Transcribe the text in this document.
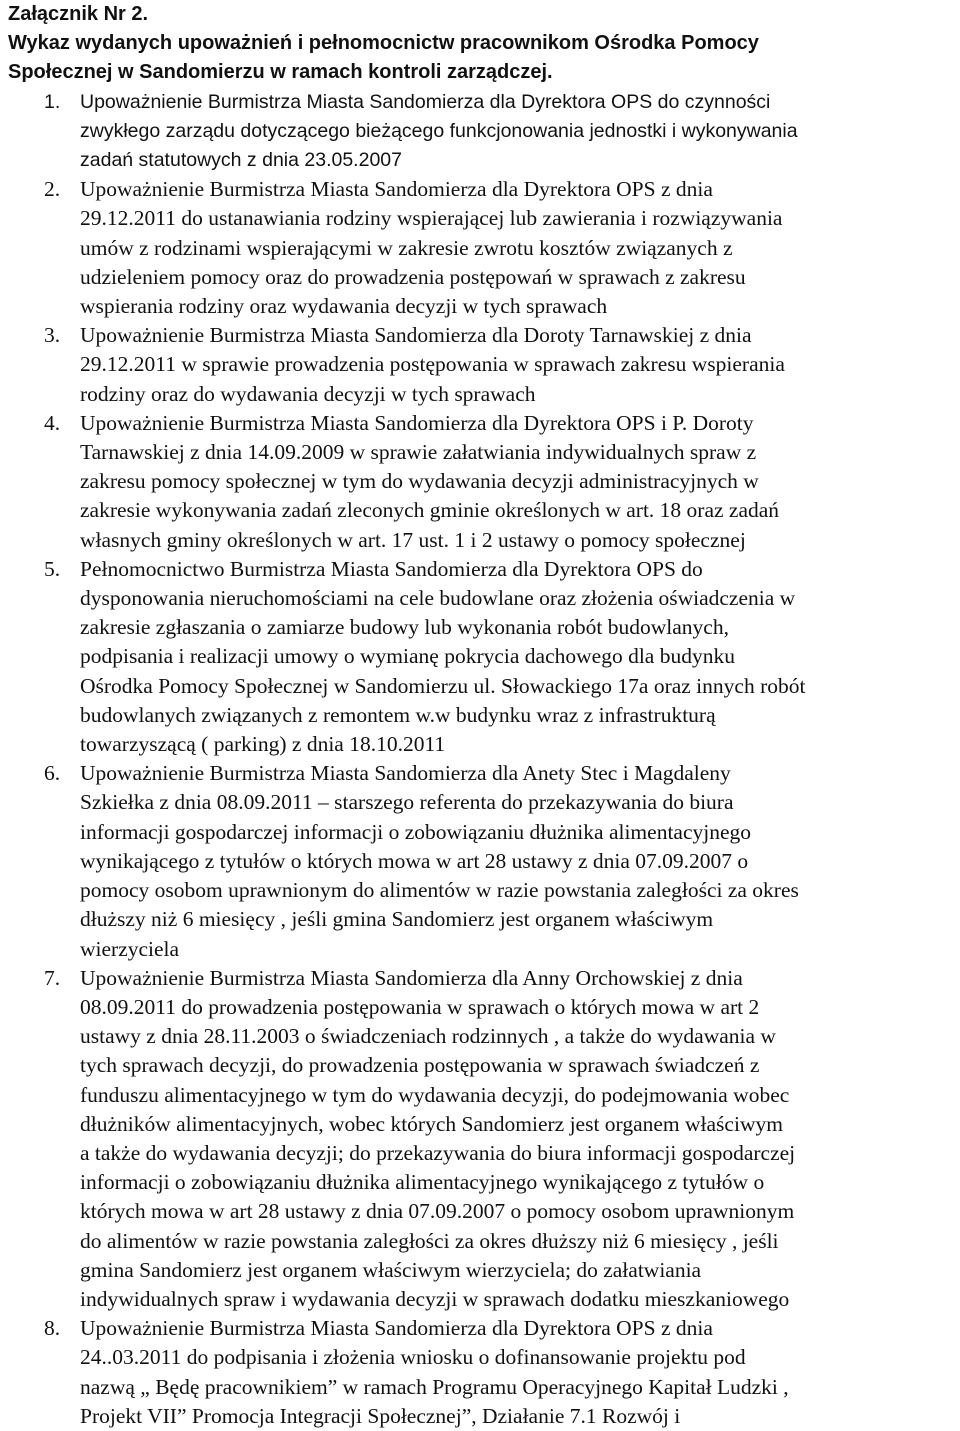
Załącznik Nr 2.
Wykaz wydanych upoważnień i pełnomocnictw pracownikom Ośrodka Pomocy
Społecznej w Sandomierzu w ramach kontroli zarządczej.
1. Upoważnienie Burmistrza Miasta Sandomierza dla Dyrektora OPS do czynności
zwykłego zarządu dotyczącego bieżącego funkcjonowania jednostki i wykonywania
zadań statutowych z dnia 23.05.2007
2. Upoważnienie Burmistrza Miasta Sandomierza dla Dyrektora OPS z dnia
29.12.2011 do ustanawiania rodziny wspierającej lub zawierania i rozwiązywania
umów z rodzinami wspierającymi w zakresie zwrotu kosztów związanych z
udzieleniem pomocy oraz do prowadzenia postępowań w sprawach z zakresu
wspierania rodziny oraz wydawania decyzji w tych sprawach
3. Upoważnienie Burmistrza Miasta Sandomierza dla Doroty Tarnawskiej z dnia
29.12.2011 w sprawie prowadzenia postępowania w sprawach zakresu wspierania
rodziny oraz do wydawania decyzji w tych sprawach
4. Upoważnienie Burmistrza Miasta Sandomierza dla Dyrektora OPS i P. Doroty
Tarnawskiej z dnia 14.09.2009 w sprawie załatwiania indywidualnych spraw z
zakresu pomocy społecznej w tym do wydawania decyzji administracyjnych w
zakresie wykonywania zadań zleconych gminie określonych w art. 18 oraz zadań
własnych gminy określonych w art. 17 ust. 1 i 2 ustawy o pomocy społecznej
5. Pełnomocnictwo Burmistrza Miasta Sandomierza dla Dyrektora OPS do
dysponowania nieruchomościami na cele budowlane oraz złożenia oświadczenia w
zakresie zgłaszania o zamiarze budowy lub wykonania robót budowlanych,
podpisania i realizacji umowy o wymianę pokrycia dachowego dla budynku
Ośrodka Pomocy Społecznej w Sandomierzu ul. Słowackiego 17a oraz innych robót
budowlanych związanych z remontem w.w budynku wraz z infrastrukturą
towarzyszącą ( parking) z dnia 18.10.2011
6. Upoważnienie Burmistrza Miasta Sandomierza dla Anety Stec i Magdaleny
Szkiełka z dnia 08.09.2011 – starszego referenta do przekazywania do biura
informacji gospodarczej informacji o zobowiązaniu dłużnika alimentacyjnego
wynikającego z tytułów o których mowa w art 28 ustawy z dnia 07.09.2007 o
pomocy osobom uprawnionym do alimentów w razie powstania zaległości za okres
dłuższy niż 6 miesięcy , jeśli gmina Sandomierz jest organem właściwym
wierzyciela
7. Upoważnienie Burmistrza Miasta Sandomierza dla Anny Orchowskiej z dnia
08.09.2011 do prowadzenia postępowania w sprawach o których mowa w art 2
ustawy z dnia 28.11.2003 o świadczeniach rodzinnych , a także do wydawania w
tych sprawach decyzji, do prowadzenia postępowania w sprawach świadczeń z
funduszu alimentacyjnego w tym do wydawania decyzji, do podejmowania wobec
dłużników alimentacyjnych, wobec których Sandomierz jest organem właściwym
a także do wydawania decyzji; do przekazywania do biura informacji gospodarczej
informacji o zobowiązaniu dłużnika alimentacyjnego wynikającego z tytułów o
których mowa w art 28 ustawy z dnia 07.09.2007 o pomocy osobom uprawnionym
do alimentów w razie powstania zaległości za okres dłuższy niż 6 miesięcy , jeśli
gmina Sandomierz jest organem właściwym wierzyciela; do załatwiania
indywidualnych spraw i wydawania decyzji w sprawach dodatku mieszkaniowego
8. Upoważnienie Burmistrza Miasta Sandomierza dla Dyrektora OPS z dnia
24..03.2011 do podpisania i złożenia wniosku o dofinansowanie projektu pod
nazwą „ Będę pracownikiem” w ramach Programu Operacyjnego Kapitał Ludzki ,
Projekt VII” Promocja Integracji Społecznej”, Działanie 7.1 Rozwój i
